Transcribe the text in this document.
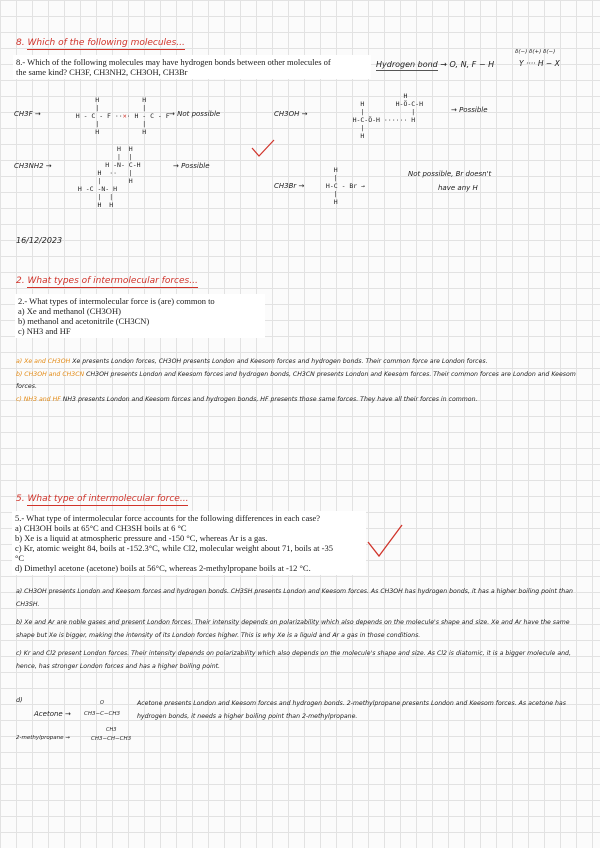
8. Which of the following molecules...

8.- Which of the following molecules may have hydrogen bonds between other molecules of

the same kind? CH3F, CH3NH2, CH3OH, CH3Br

Hydrogen bond → O, N, F − H
δ(−) δ(+) δ(−)
Y ···· H − X
CH3F →
H           H
|           |
H - C - F ··✕· H - C - F
|           |
H           H
→ Not possible	CH3OH →
H
H        H-Ö-C-H
|            |
H-C-Ö-H ······ H
|
H
→ Possible
CH3NH2 →
H  H
|  |
H -N- C-H
H  ··   |
|       H
H -C -N- H
|  |
H  H
→ Possible
CH3Br →
H
|
H-C - Br →
|
H
Not possible, Br doesn't
have any H
16/12/2023
2. What types of intermolecular forces...

2.- What types of intermolecular force is (are) common to

a) Xe and methanol (CH3OH)

b) methanol and acetonitrile (CH3CN)

c) NH3 and HF

a) Xe and CH3OH Xe presents London forces, CH3OH presents London and Keesom forces and hydrogen bonds. Their common force are London forces.

b) CH3OH and CH3CN CH3OH presents London and Keesom forces and hydrogen bonds, CH3CN presents London and Keesom forces. Their common forces are London and Keesom forces.

c) NH3 and HF NH3 presents London and Keesom forces and hydrogen bonds, HF presents those same forces. They have all their forces in common.

5. What type of intermolecular force...

5.- What type of intermolecular force accounts for the following differences in each case?

a) CH3OH boils at 65°C and CH3SH boils at 6 °C

b) Xe is a liquid at atmospheric pressure and -150 °C, whereas Ar is a gas.

c) Kr, atomic weight 84, boils at -152.3°C, while Cl2, molecular weight about 71, boils at -35

°C

d) Dimethyl acetone (acetone) boils at 56°C, whereas 2-methylpropane boils at -12 °C.

a) CH3OH presents London and Keesom forces and hydrogen bonds. CH3SH presents London and Keesom forces. As CH3OH has hydrogen bonds, it has a higher boiling point than CH3SH.

b) Xe and Ar are noble gases and present London forces. Their intensity depends on polarizability which also depends on the molecule's shape and size. Xe and Ar have the same shape but Xe is bigger, making the intensity of its London forces higher. This is why Xe is a liquid and Ar a gas in those conditions.

c) Kr and Cl2 present London forces. Their intensity depends on polarizability which also depends on the molecule's shape and size. As Cl2 is diatomic, it is a bigger molecule and, hence, has stronger London forces and has a higher boiling point.

d)
Acetone →
O
CH3−C−CH3
Acetone presents London and Keesom forces and hydrogen bonds. 2-methylpropane presents London and Keesom forces. As acetone has hydrogen bonds, it needs a higher boiling point than 2-methylpropane.
2-methylpropane →
CH3
CH3−CH−CH3
